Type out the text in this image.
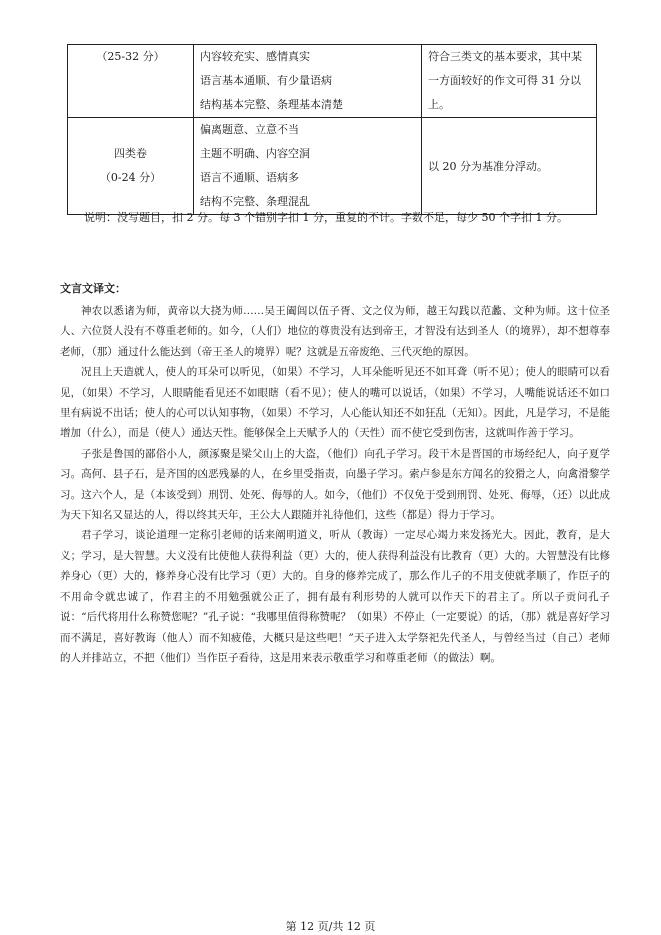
（25-32 分）	内容较充实、感情真实
语言基本通顺、有少量语病
结构基本完整、条理基本清楚	符合三类文的基本要求，其中某一方面较好的作文可得 31 分以上。

四类卷
（0-24 分）	偏离题意、立意不当
主题不明确、内容空洞
语言不通顺、语病多
结构不完整、条理混乱	以 20 分为基准分浮动。
说明：没写题目，扣 2 分。每 3 个错别字扣 1 分，重复的不计。字数不足，每少 50 个字扣 1 分。
文言文译文：

神农以悉诸为师，黄帝以大挠为师……吴王阖闾以伍子胥、文之仪为师，越王勾践以范蠡、文种为师。这十位圣人、六位贤人没有不尊重老师的。如今，（人们）地位的尊贵没有达到帝王，才智没有达到圣人（的境界），却不想尊奉老师，（那）通过什么能达到（帝王圣人的境界）呢？这就是五帝废绝、三代灭绝的原因。

况且上天造就人，使人的耳朵可以听见，（如果）不学习，人耳朵能听见还不如耳聋（听不见）；使人的眼睛可以看见，（如果）不学习，人眼睛能看见还不如眼瞎（看不见）；使人的嘴可以说话，（如果）不学习，人嘴能说话还不如口里有病说不出话；使人的心可以认知事物，（如果）不学习，人心能认知还不如狂乱（无知）。因此，凡是学习，不是能增加（什么），而是（使人）通达天性。能够保全上天赋予人的（天性）而不使它受到伤害，这就叫作善于学习。

子张是鲁国的鄙俗小人，颜涿聚是梁父山上的大盗，（他们）向孔子学习。段干木是晋国的市场经纪人，向子夏学习。高何、县子石，是齐国的凶恶残暴的人，在乡里受指责，向墨子学习。索卢参是东方闻名的狡猾之人，向禽滑黎学习。这六个人，是（本该受到）刑罚、处死、侮辱的人。如今，（他们）不仅免于受到刑罚、处死、侮辱，（还）以此成为天下知名又显达的人，得以终其天年，王公大人跟随并礼待他们，这些（都是）得力于学习。

君子学习，谈论道理一定称引老师的话来阐明道义，听从（教诲）一定尽心竭力来发扬光大。因此，教育，是大义；学习，是大智慧。大义没有比使他人获得利益（更）大的，使人获得利益没有比教育（更）大的。大智慧没有比修养身心（更）大的，修养身心没有比学习（更）大的。自身的修养完成了，那么作儿子的不用支使就孝顺了，作臣子的不用命令就忠诚了，作君主的不用勉强就公正了，拥有最有利形势的人就可以作天下的君主了。所以子贡问孔子说：“后代将用什么称赞您呢？”孔子说：“我哪里值得称赞呢？（如果）不停止（一定要说）的话，（那）就是喜好学习而不满足，喜好教诲（他人）而不知疲倦，大概只是这些吧！”天子进入太学祭祀先代圣人，与曾经当过（自己）老师的人并排站立，不把（他们）当作臣子看待，这是用来表示敬重学习和尊重老师（的做法）啊。

第 12 页/共 12 页
